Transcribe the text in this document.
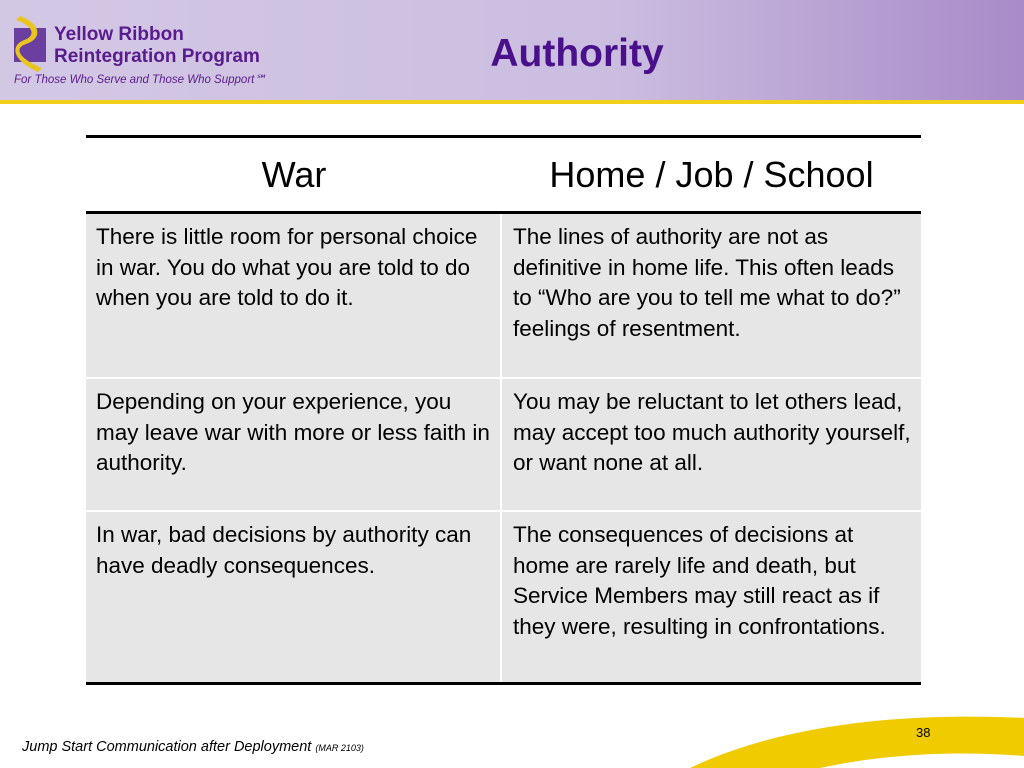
Yellow Ribbon
Reintegration Program
For Those Who Serve and Those Who Support℠
Authority
War	Home / Job / School
There is little room for personal choice in war. You do what you are told to do when you are told to do it.
The lines of authority are not as definitive in home life. This often leads to “Who are you to tell me what to do?” feelings of resentment.
Depending on your experience, you may leave war with more or less faith in authority.
You may be reluctant to let others lead, may accept too much authority yourself, or want none at all.
In war, bad decisions by authority can have deadly consequences.
The consequences of decisions at home are rarely life and death, but Service Members may still react as if they were, resulting in confrontations.
Jump Start Communication after Deployment (MAR 2103)
38
